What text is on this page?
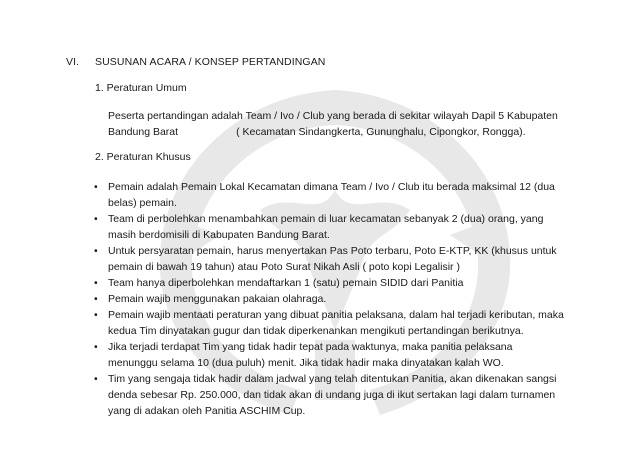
VI. SUSUNAN ACARA / KONSEP PERTANDINGAN
1. Peraturan Umum
Peserta pertandingan adalah Team / Ivo / Club yang berada di sekitar wilayah Dapil 5 Kabupaten
Bandung Barat	( Kecamatan Sindangkerta, Gununghalu, Cipongkor, Rongga).
2. Peraturan Khusus
• Pemain adalah Pemain Lokal Kecamatan dimana Team / Ivo / Club itu berada maksimal 12 (dua belas) pemain.
• Team di perbolehkan menambahkan pemain di luar kecamatan sebanyak 2 (dua) orang, yang masih berdomisili di Kabupaten Bandung Barat.
• Untuk persyaratan pemain, harus menyertakan Pas Poto terbaru, Poto E-KTP, KK (khusus untuk pemain di bawah 19 tahun) atau Poto Surat Nikah Asli ( poto kopi Legalisir )
• Team hanya diperbolehkan mendaftarkan 1 (satu) pemain SIDID dari Panitia
• Pemain wajib menggunakan pakaian olahraga.
• Pemain wajib mentaati peraturan yang dibuat panitia pelaksana, dalam hal terjadi keributan, maka kedua Tim dinyatakan gugur dan tidak diperkenankan mengikuti pertandingan berikutnya.
• Jika terjadi terdapat Tim yang tidak hadir tepat pada waktunya, maka panitia pelaksana menunggu selama 10 (dua puluh) menit. Jika tidak hadir maka dinyatakan kalah WO.
• Tim yang sengaja tidak hadir dalam jadwal yang telah ditentukan Panitia, akan dikenakan sangsi denda sebesar Rp. 250.000, dan tidak akan di undang juga di ikut sertakan lagi dalam turnamen yang di adakan oleh Panitia ASCHIM Cup.
